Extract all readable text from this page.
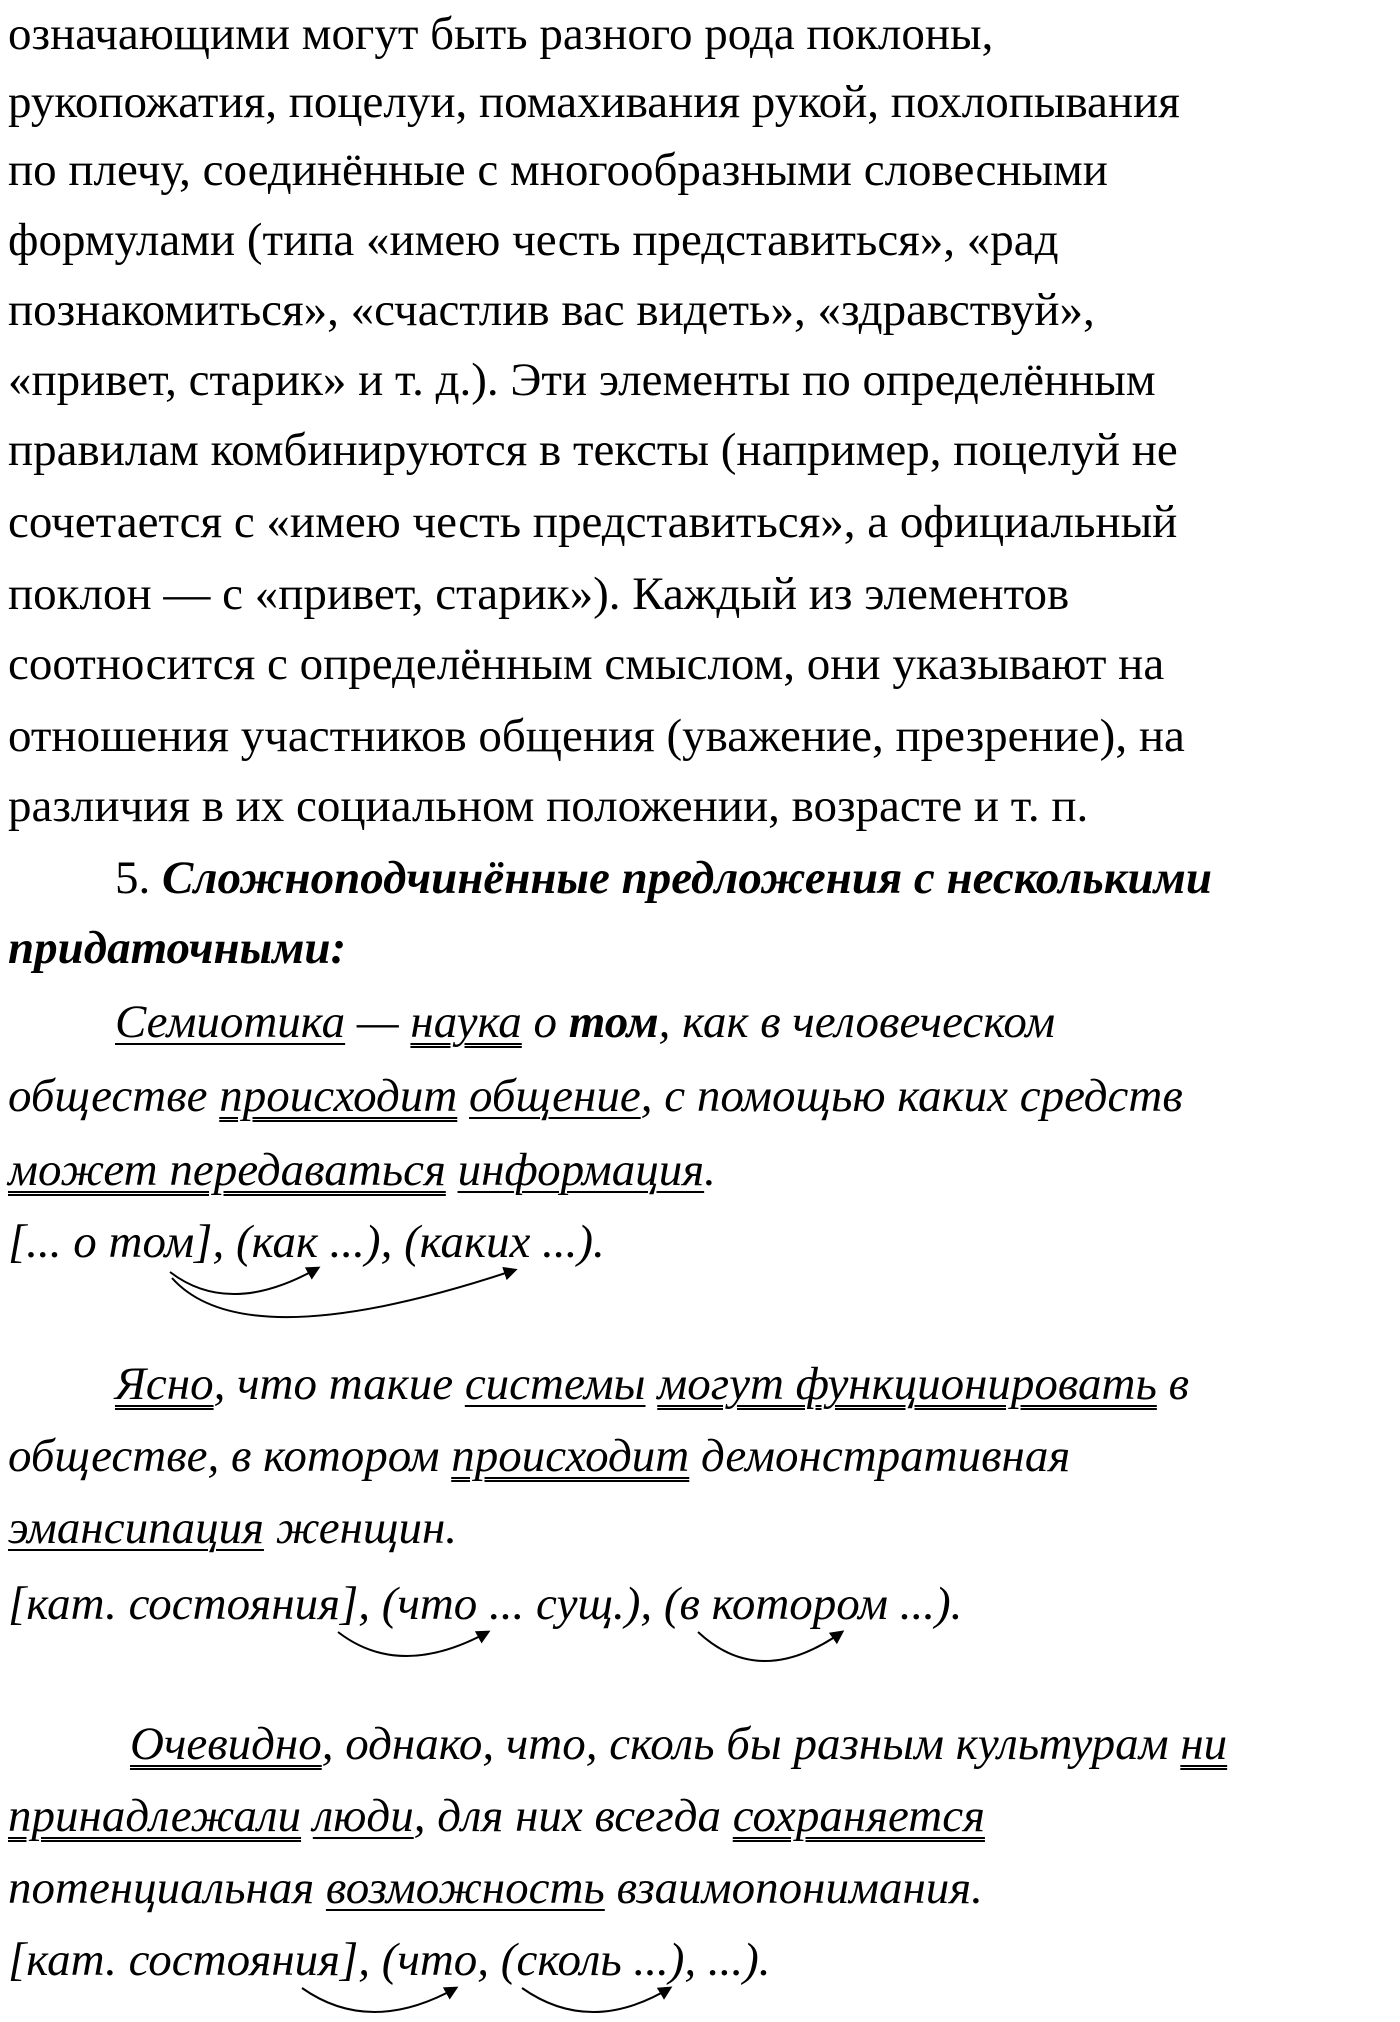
означающими могут быть разного рода поклоны,
рукопожатия, поцелуи, помахивания рукой, похлопывания
по плечу, соединённые с многообразными словесными
формулами (типа «имею честь представиться», «рад
познакомиться», «счастлив вас видеть», «здравствуй»,
«привет, старик» и т. д.). Эти элементы по определённым
правилам комбинируются в тексты (например, поцелуй не
сочетается с «имею честь представиться», а официальный
поклон — с «привет, старик»). Каждый из элементов
соотносится с определённым смыслом, они указывают на
отношения участников общения (уважение, презрение), на
различия в их социальном положении, возрасте и т. п.
5. Сложноподчинённые предложения с несколькими
придаточными:
Семиотика — наука о том, как в человеческом
обществе происходит общение, с помощью каких средств
может передаваться информация.
[... о том], (как ...), (каких ...).
Ясно, что такие системы могут функционировать в
обществе, в котором происходит демонстративная
эмансипация женщин.
[кат. состояния], (что ... сущ.), (в котором ...).
Очевидно, однако, что, сколь бы разным культурам ни
принадлежали люди, для них всегда сохраняется
потенциальная возможность взаимопонимания.
[кат. состояния], (что, (сколь ...), ...).
